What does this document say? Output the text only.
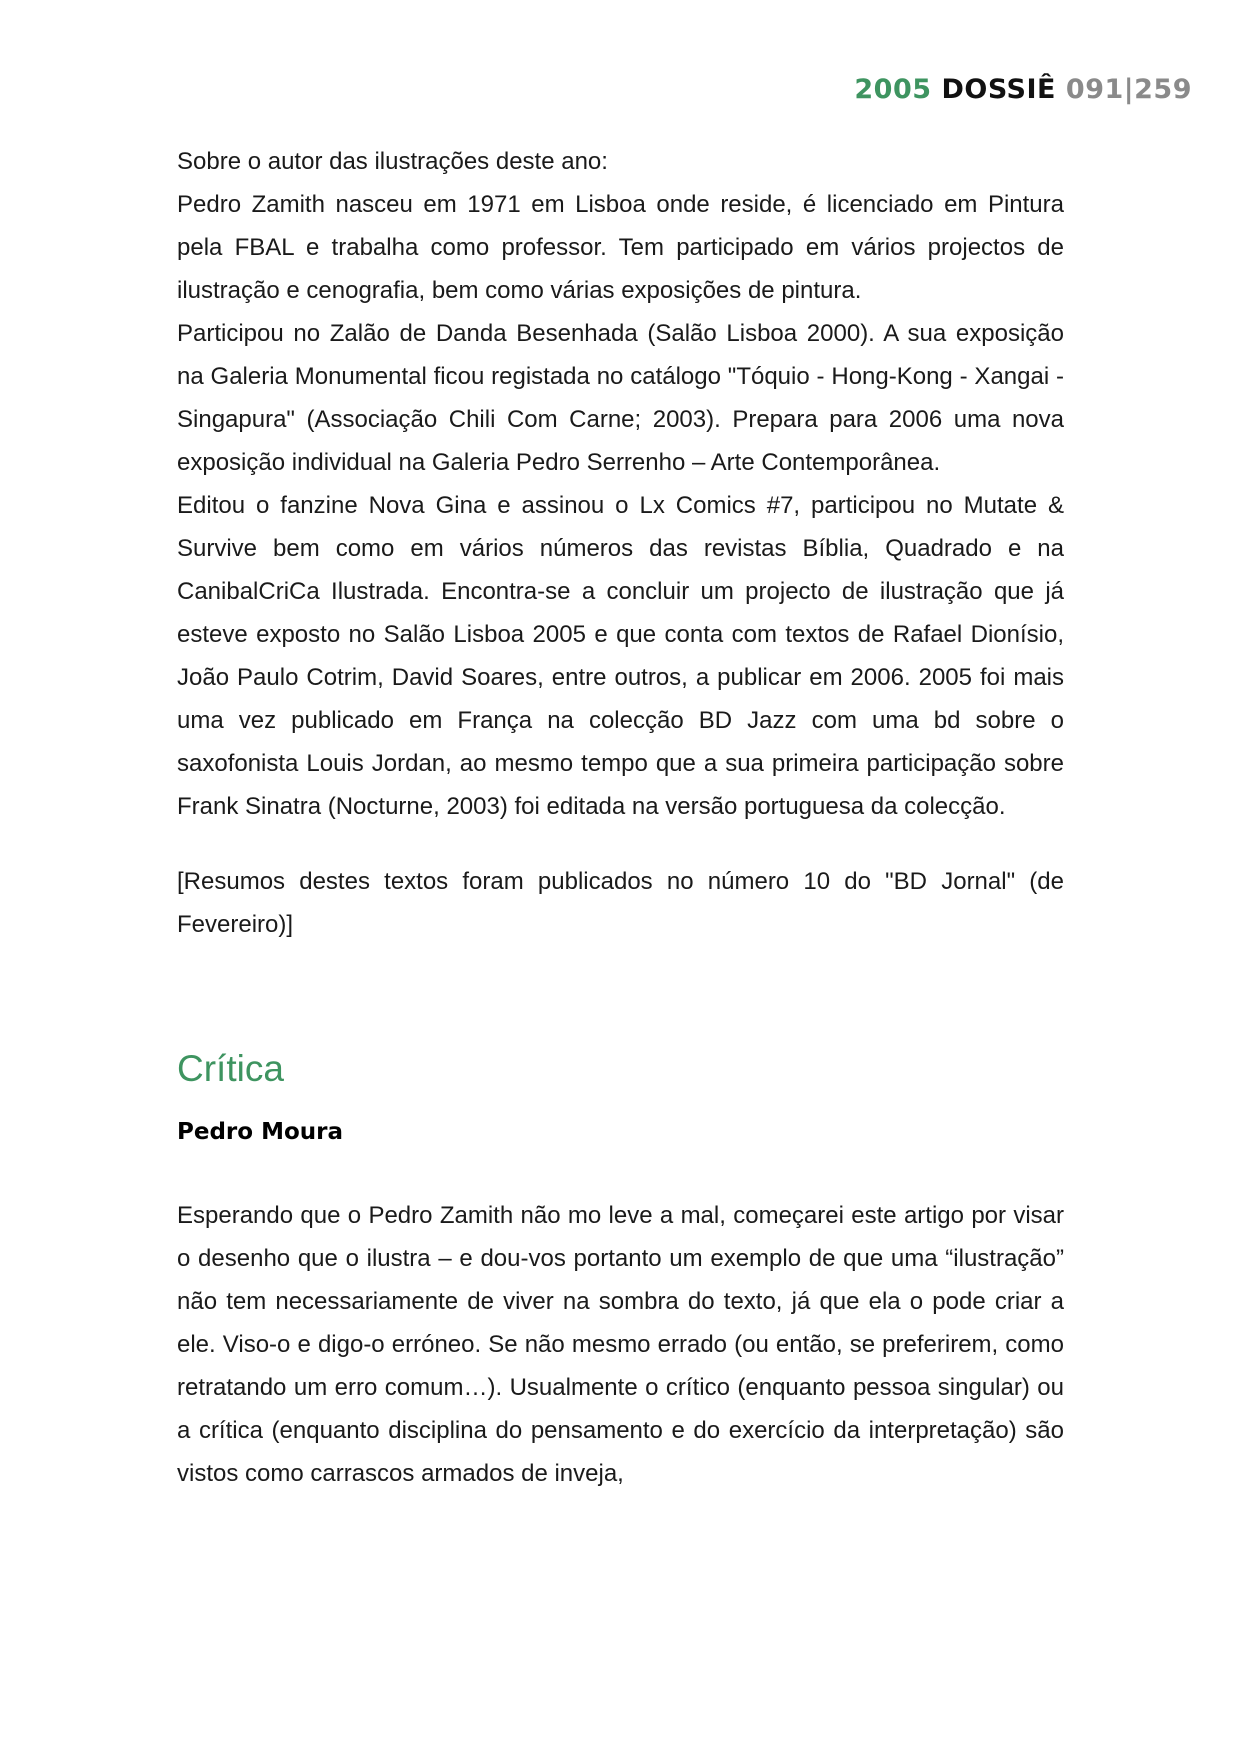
2005 DOSSIÊ 091|259

Sobre o autor das ilustrações deste ano:

Pedro Zamith nasceu em 1971 em Lisboa onde reside, é licenciado em Pintura pela FBAL e trabalha como professor. Tem participado em vários projectos de ilustração e cenografia, bem como várias exposições de pintura.

Participou no Zalão de Danda Besenhada (Salão Lisboa 2000). A sua exposição na Galeria Monumental ficou registada no catálogo "Tóquio - Hong-Kong - Xangai - Singapura" (Associação Chili Com Carne; 2003). Prepara para 2006 uma nova exposição individual na Galeria Pedro Serrenho – Arte Contemporânea.

Editou o fanzine Nova Gina e assinou o Lx Comics #7, participou no Mutate & Survive bem como em vários números das revistas Bíblia, Quadrado e na CanibalCriCa Ilustrada. Encontra-se a concluir um projecto de ilustração que já esteve exposto no Salão Lisboa 2005 e que conta com textos de Rafael Dionísio, João Paulo Cotrim, David Soares, entre outros, a publicar em 2006. 2005 foi mais uma vez publicado em França na colecção BD Jazz com uma bd sobre o saxofonista Louis Jordan, ao mesmo tempo que a sua primeira participação sobre Frank Sinatra (Nocturne, 2003) foi editada na versão portuguesa da colecção.

[Resumos destes textos foram publicados no número 10 do "BD Jornal" (de Fevereiro)]

Crítica
Pedro Moura

Esperando que o Pedro Zamith não mo leve a mal, começarei este artigo por visar o desenho que o ilustra – e dou-vos portanto um exemplo de que uma “ilustração” não tem necessariamente de viver na sombra do texto, já que ela o pode criar a ele. Viso-o e digo-o erróneo. Se não mesmo errado (ou então, se preferirem, como retratando um erro comum…). Usualmente o crítico (enquanto pessoa singular) ou a crítica (enquanto disciplina do pensamento e do exercício da interpretação) são vistos como carrascos armados de inveja,
